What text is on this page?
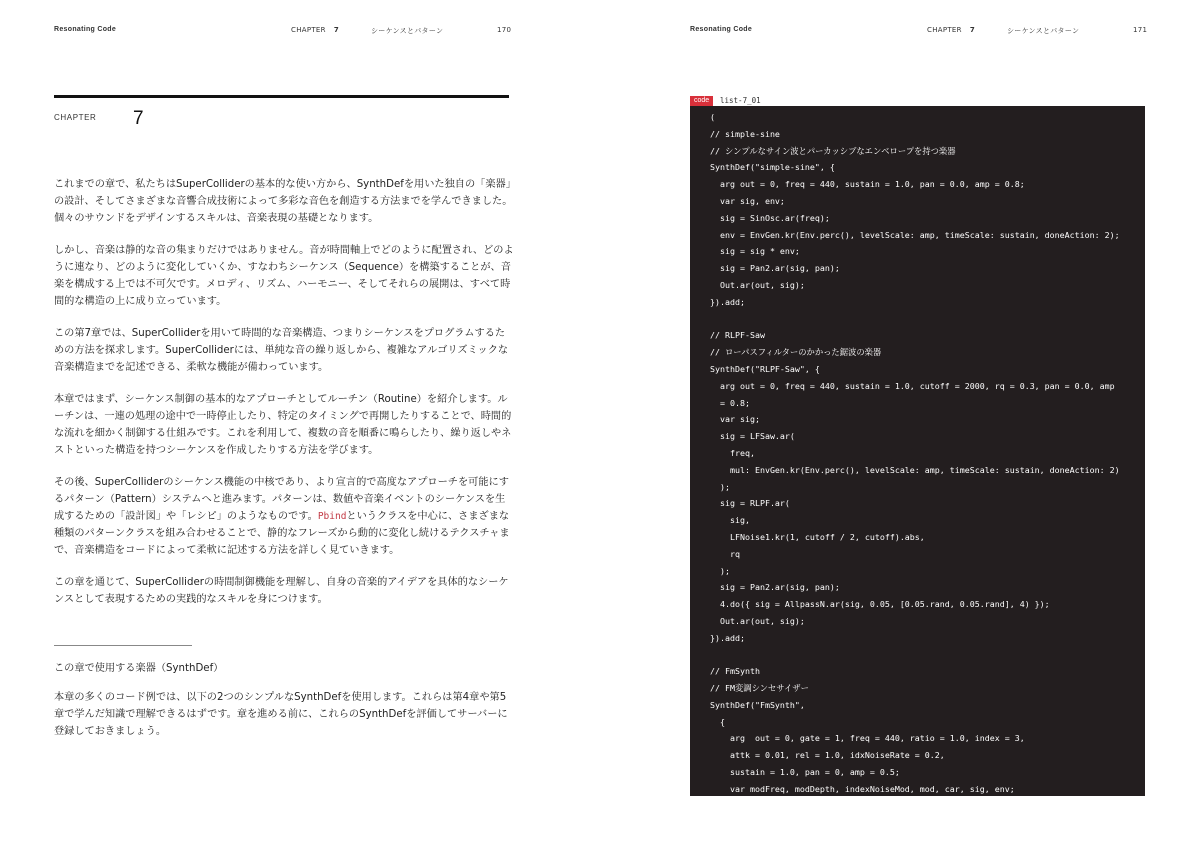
Resonating Code	CHAPTER 7	シーケンスとパターン	170
CHAPTER 7

これまでの章で、私たちはSuperColliderの基本的な使い方から、SynthDefを用いた独自の「楽器」の設計、そしてさまざまな音響合成技術によって多彩な音色を創造する方法までを学んできました。個々のサウンドをデザインするスキルは、音楽表現の基礎となります。

しかし、音楽は静的な音の集まりだけではありません。音が時間軸上でどのように配置され、どのように連なり、どのように変化していくか、すなわちシーケンス（Sequence）を構築することが、音楽を構成する上では不可欠です。メロディ、リズム、ハーモニー、そしてそれらの展開は、すべて時間的な構造の上に成り立っています。

この第7章では、SuperColliderを用いて時間的な音楽構造、つまりシーケンスをプログラムするための方法を探求します。SuperColliderには、単純な音の繰り返しから、複雑なアルゴリズミックな音楽構造までを記述できる、柔軟な機能が備わっています。

本章ではまず、シーケンス制御の基本的なアプローチとしてルーチン（Routine）を紹介します。ルーチンは、一連の処理の途中で一時停止したり、特定のタイミングで再開したりすることで、時間的な流れを細かく制御する仕組みです。これを利用して、複数の音を順番に鳴らしたり、繰り返しやネストといった構造を持つシーケンスを作成したりする方法を学びます。

その後、SuperColliderのシーケンス機能の中核であり、より宣言的で高度なアプローチを可能にするパターン（Pattern）システムへと進みます。パターンは、数値や音楽イベントのシーケンスを生成するための「設計図」や「レシピ」のようなものです。Pbindというクラスを中心に、さまざまな種類のパターンクラスを組み合わせることで、静的なフレーズから動的に変化し続けるテクスチャまで、音楽構造をコードによって柔軟に記述する方法を詳しく見ていきます。

この章を通じて、SuperColliderの時間制御機能を理解し、自身の音楽的アイデアを具体的なシーケンスとして表現するための実践的なスキルを身につけます。

この章で使用する楽器（SynthDef）

本章の多くのコード例では、以下の2つのシンプルなSynthDefを使用します。これらは第4章や第5章で学んだ知識で理解できるはずです。章を進める前に、これらのSynthDefを評価してサーバーに登録しておきましょう。

Resonating Code	CHAPTER 7	シーケンスとパターン	171
code	list-7_01
(
// simple-sine
// シンプルなサイン波とパーカッシブなエンベロープを持つ楽器
SynthDef("simple-sine", {
arg out = 0, freq = 440, sustain = 1.0, pan = 0.0, amp = 0.8;
var sig, env;
sig = SinOsc.ar(freq);
env = EnvGen.kr(Env.perc(), levelScale: amp, timeScale: sustain, doneAction: 2);
sig = sig * env;
sig = Pan2.ar(sig, pan);
Out.ar(out, sig);
}).add;
// RLPF-Saw
// ローパスフィルターのかかった鋸波の楽器
SynthDef("RLPF-Saw", {
arg out = 0, freq = 440, sustain = 1.0, cutoff = 2000, rq = 0.3, pan = 0.0, amp
= 0.8;
var sig;
sig = LFSaw.ar(
freq,
mul: EnvGen.kr(Env.perc(), levelScale: amp, timeScale: sustain, doneAction: 2)
);
sig = RLPF.ar(
sig,
LFNoise1.kr(1, cutoff / 2, cutoff).abs,
rq
);
sig = Pan2.ar(sig, pan);
4.do({ sig = AllpassN.ar(sig, 0.05, [0.05.rand, 0.05.rand], 4) });
Out.ar(out, sig);
}).add;
// FmSynth
// FM変調シンセサイザー
SynthDef("FmSynth",
{
arg  out = 0, gate = 1, freq = 440, ratio = 1.0, index = 3,
attk = 0.01, rel = 1.0, idxNoiseRate = 0.2,
sustain = 1.0, pan = 0, amp = 0.5;
var modFreq, modDepth, indexNoiseMod, mod, car, sig, env;
